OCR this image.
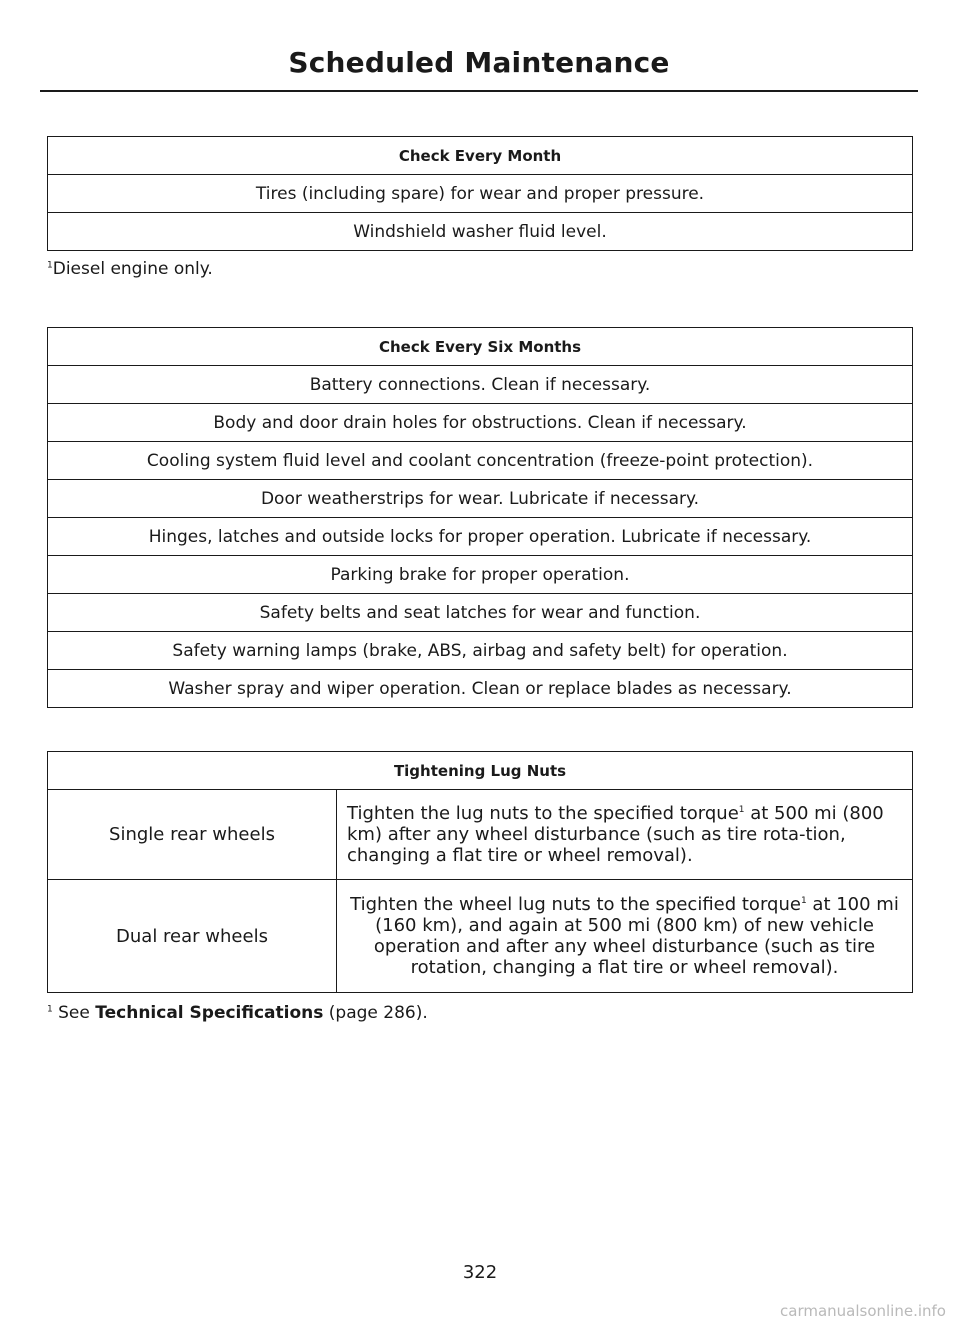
Scheduled Maintenance
Check Every Month
Tires (including spare) for wear and proper pressure.
Windshield washer fluid level.
$^1$Diesel engine only.
Check Every Six Months
Battery connections. Clean if necessary.
Body and door drain holes for obstructions. Clean if necessary.
Cooling system fluid level and coolant concentration (freeze-point protection).
Door weatherstrips for wear. Lubricate if necessary.
Hinges, latches and outside locks for proper operation. Lubricate if necessary.
Parking brake for proper operation.
Safety belts and seat latches for wear and function.
Safety warning lamps (brake, ABS, airbag and safety belt) for operation.
Washer spray and wiper operation. Clean or replace blades as necessary.
Tightening Lug Nuts	
Single rear wheels	Tighten the lug nuts to the specified torque$^1$ at 500 mi (800 km) after any wheel disturbance (such as tire rota-tion, changing a flat tire or wheel removal).
Dual rear wheels	Tighten the wheel lug nuts to the specified torque$^1$ at 100 mi (160 km), and again at 500 mi (800 km) of new vehicle operation and after any wheel disturbance (such as tire rotation, changing a flat tire or wheel removal).
$^1$ See Technical Specifications (page 286).
322
carmanualsonline.info
